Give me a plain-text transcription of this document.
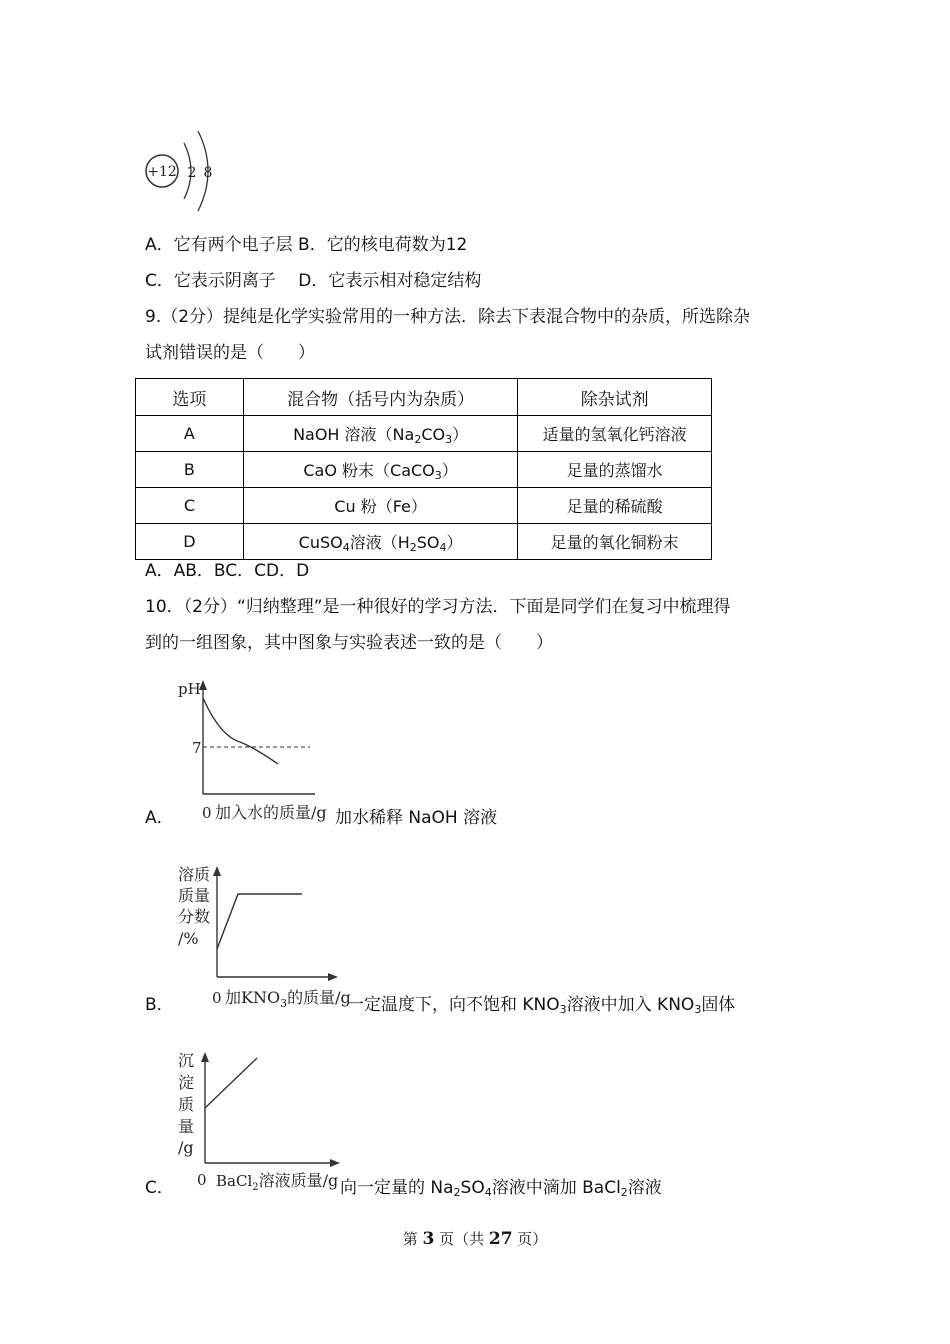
+12 2 8
A．它有两个电子层 B．它的核电荷数为12
C．它表示阴离子　 D．它表示相对稳定结构
9.（2分）提纯是化学实验常用的一种方法．除去下表混合物中的杂质，所选除杂
试剂错误的是（　　）
选项	混合物（括号内为杂质）	除杂试剂
A	NaOH 溶液$(Na_2CO_3)$	适量的氢氧化钙溶液
B	CaO 粉末（CaCO$_3$）	足量的蒸馏水
C	Cu 粉（Fe）	足量的稀硫酸
D	CuSO$_4$溶液$(H_2SO_4)$	足量的氧化铜粉末
A．AB．BC．CD．D
10．（2分）“归纳整理”是一种很好的学习方法．下面是同学们在复习中梳理得
到的一组图象，其中图象与实验表述一致的是（　　）
pH
7
0 加入水的质量/g
A．	加水稀释 NaOH 溶液
溶质
质量
分数
/%
0 加$KNO_3$的质量/g
B．	一定温度下，向不饱和 $KNO_3$溶液中加入 $KNO_3$固体
沉
淀
质
量
/g
0 BaCl$_2$溶液质量/g
C．	向一定量的 $Na_2SO_4$溶液中滴加 BaCl$_2$溶液
第 3 页（共 27 页）
